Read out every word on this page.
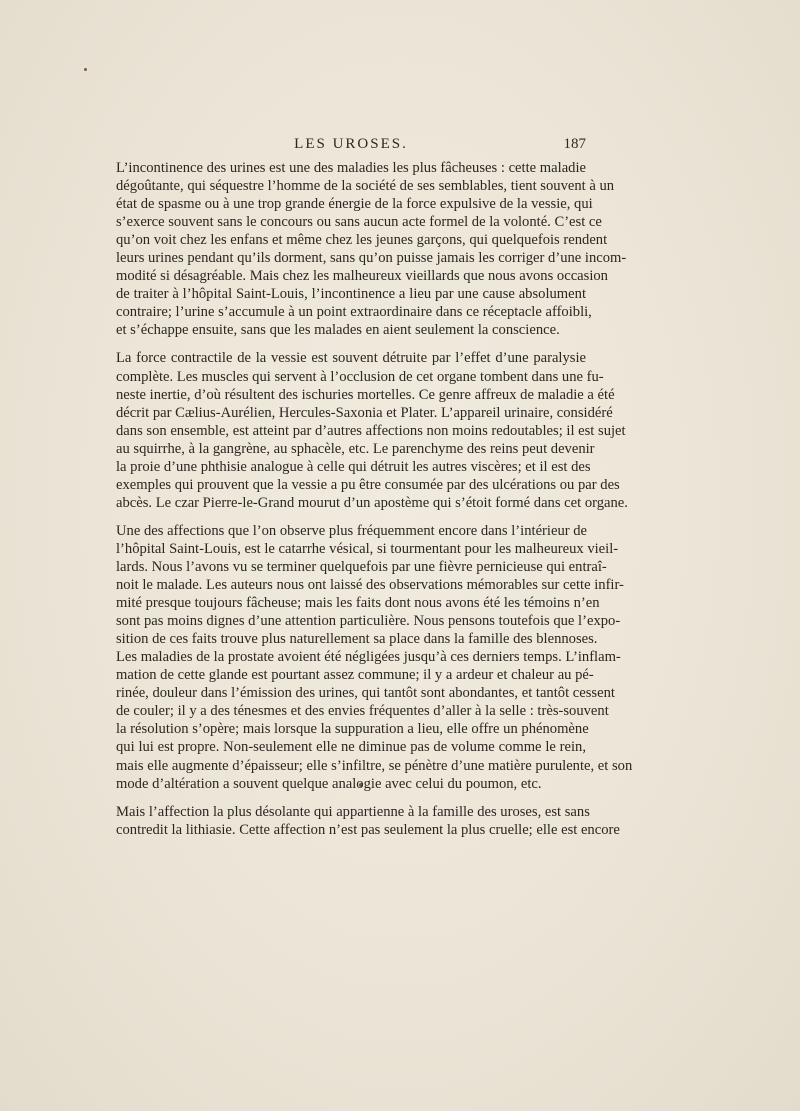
LES UROSES.	187
L’incontinence des urines est une des maladies les plus fâcheuses : cette maladie
dégoûtante, qui séquestre l’homme de la société de ses semblables, tient souvent à un
état de spasme ou à une trop grande énergie de la force expulsive de la vessie, qui
s’exerce souvent sans le concours ou sans aucun acte formel de la volonté. C’est ce
qu’on voit chez les enfans et même chez les jeunes garçons, qui quelquefois rendent
leurs urines pendant qu’ils dorment, sans qu’on puisse jamais les corriger d’une incom-
modité si désagréable. Mais chez les malheureux vieillards que nous avons occasion
de traiter à l’hôpital Saint-Louis, l’incontinence a lieu par une cause absolument
contraire; l’urine s’accumule à un point extraordinaire dans ce réceptacle affoibli,
et s’échappe ensuite, sans que les malades en aient seulement la conscience.
La force contractile de la vessie est souvent détruite par l’effet d’une paralysie
complète. Les muscles qui servent à l’occlusion de cet organe tombent dans une fu-
neste inertie, d’où résultent des ischuries mortelles. Ce genre affreux de maladie a été
décrit par Cælius-Aurélien, Hercules-Saxonia et Plater. L’appareil urinaire, considéré
dans son ensemble, est atteint par d’autres affections non moins redoutables; il est sujet
au squirrhe, à la gangrène, au sphacèle, etc. Le parenchyme des reins peut devenir
la proie d’une phthisie analogue à celle qui détruit les autres viscères; et il est des
exemples qui prouvent que la vessie a pu être consumée par des ulcérations ou par des
abcès. Le czar Pierre-le-Grand mourut d’un apostème qui s’étoit formé dans cet organe.
Une des affections que l’on observe plus fréquemment encore dans l’intérieur de
l’hôpital Saint-Louis, est le catarrhe vésical, si tourmentant pour les malheureux vieil-
lards. Nous l’avons vu se terminer quelquefois par une fièvre pernicieuse qui entraî-
noit le malade. Les auteurs nous ont laissé des observations mémorables sur cette infir-
mité presque toujours fâcheuse; mais les faits dont nous avons été les témoins n’en
sont pas moins dignes d’une attention particulière. Nous pensons toutefois que l’expo-
sition de ces faits trouve plus naturellement sa place dans la famille des blennoses.
Les maladies de la prostate avoient été négligées jusqu’à ces derniers temps. L’inflam-
mation de cette glande est pourtant assez commune; il y a ardeur et chaleur au pé-
rinée, douleur dans l’émission des urines, qui tantôt sont abondantes, et tantôt cessent
de couler; il y a des ténesmes et des envies fréquentes d’aller à la selle : très-souvent
la résolution s’opère; mais lorsque la suppuration a lieu, elle offre un phénomène
qui lui est propre. Non-seulement elle ne diminue pas de volume comme le rein,
mais elle augmente d’épaisseur; elle s’infiltre, se pénètre d’une matière purulente, et son
mode d’altération a souvent quelque analogie avec celui du poumon, etc.
Mais l’affection la plus désolante qui appartienne à la famille des uroses, est sans
contredit la lithiasie. Cette affection n’est pas seulement la plus cruelle; elle est encore
